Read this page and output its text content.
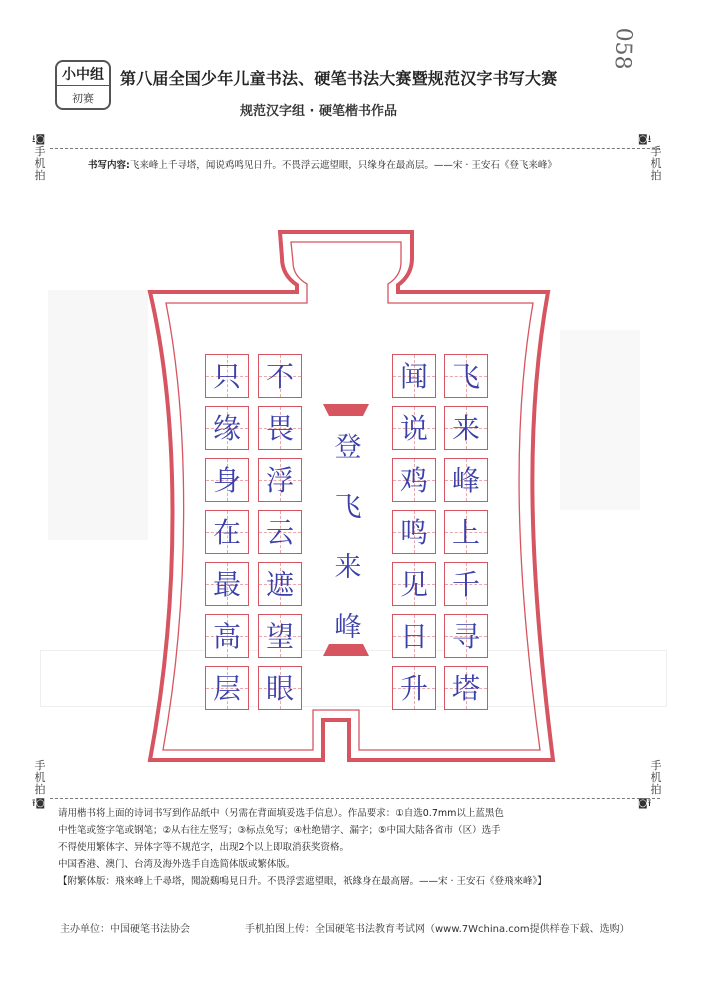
058
小中组
初赛
第八届全国少年儿童书法、硬笔书法大赛暨规范汉字书写大赛
规范汉字组 · 硬笔楷书作品
⭳◙	◙⭳
⭱◙	◙⭱
手
机
拍
手
机
拍
手
机
拍
手
机
拍
书写内容:飞来峰上千寻塔，闻说鸡鸣见日升。不畏浮云遮望眼，只缘身在最高层。——宋 · 王安石《登飞来峰》
登
飞
来
峰
飞
来
峰
上
千
寻
塔
闻
说
鸡
鸣
见
日
升
不
畏
浮
云
遮
望
眼
只
缘
身
在
最
高
层
请用楷书将上面的诗词书写到作品纸中（另需在背面填妥选手信息）。作品要求：①自选0.7mm以上蓝黑色
中性笔或签字笔或钢笔；②从右往左竖写；③标点免写；④杜绝错字、漏字；⑤中国大陆各省市（区）选手
不得使用繁体字、异体字等不规范字，出现2个以上即取消获奖资格。
中国香港、澳门、台湾及海外选手自选简体版或繁体版。
【附繁体版：飛來峰上千尋塔，聞說鷄鳴見日升。不畏浮雲遮望眼，祇緣身在最高層。——宋 · 王安石《登飛來峰》】
主办单位：中国硬笔书法协会	手机拍图上传：全国硬笔书法教育考试网（www.7Wchina.com提供样卷下载、选购）
